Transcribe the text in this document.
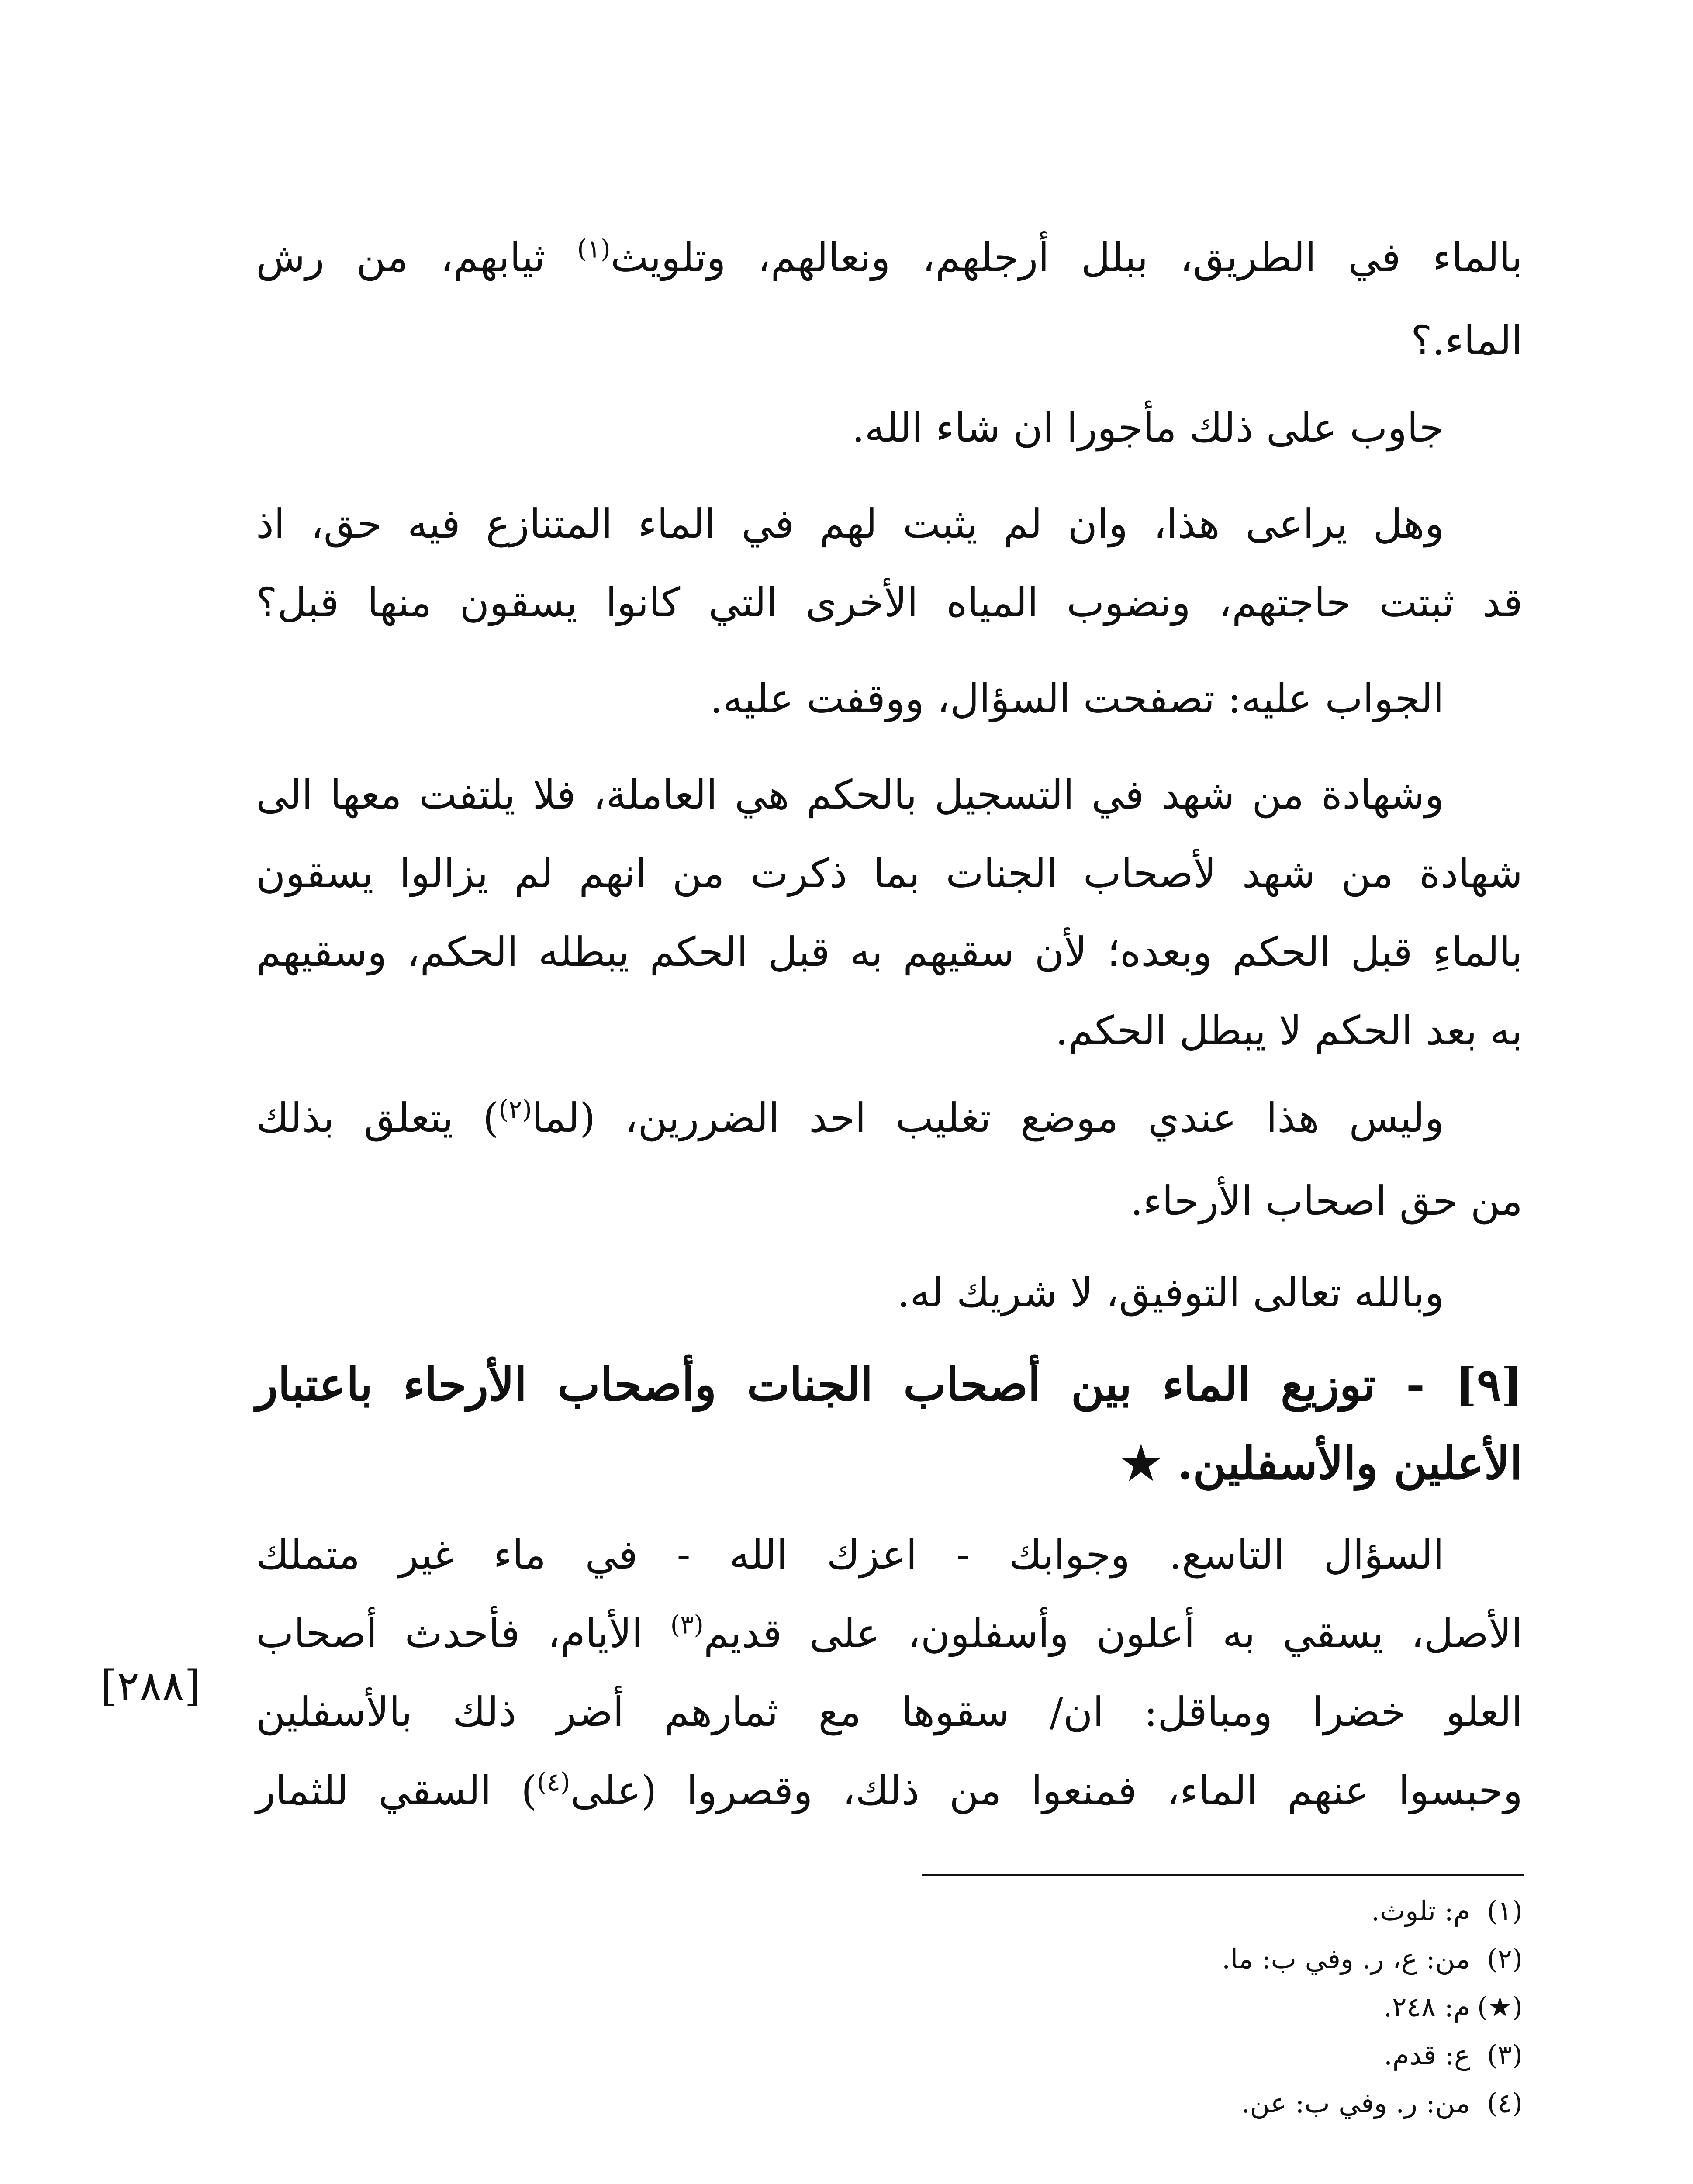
بالماء في الطريق، ببلل أرجلهم، ونعالهم، وتلويث$^{(١)}$ ثيابهم، من رش
الماء.؟
جاوب على ذلك مأجورا ان شاء الله.
وهل يراعى هذا، وان لم يثبت لهم في الماء المتنازع فيه حق، اذ
قد ثبتت حاجتهم، ونضوب المياه الأخرى التي كانوا يسقون منها قبل؟
الجواب عليه: تصفحت السؤال، ووقفت عليه.
وشهادة من شهد في التسجيل بالحكم هي العاملة، فلا يلتفت معها الى
شهادة من شهد لأصحاب الجنات بما ذكرت من انهم لم يزالوا يسقون
بالماءِ قبل الحكم وبعده؛ لأن سقيهم به قبل الحكم يبطله الحكم، وسقيهم
به بعد الحكم لا يبطل الحكم.
وليس هذا عندي موضع تغليب احد الضررين، (لما$^{(٢)}$) يتعلق بذلك
من حق اصحاب الأرحاء.
وبالله تعالى التوفيق، لا شريك له.
[٩] - توزيع الماء بين أصحاب الجنات وأصحاب الأرحاء باعتبار
الأعلين والأسفلين. ★
السؤال التاسع. وجوابك - اعزك الله - في ماء غير متملك
الأصل، يسقي به أعلون وأسفلون، على قديم$^{(٣)}$ الأيام، فأحدث أصحاب
العلو خضرا ومباقل: ان/ سقوها مع ثمارهم أضر ذلك بالأسفلين
وحبسوا عنهم الماء، فمنعوا من ذلك، وقصروا (على$^{(٤)}$) السقي للثمار
[٢٨٨]
(١)م: تلوث.
(٢)من: ع، ر. وفي ب: ما.
(★)م: ٢٤٨.
(٣)ع: قدم.
(٤)من: ر. وفي ب: عن.
